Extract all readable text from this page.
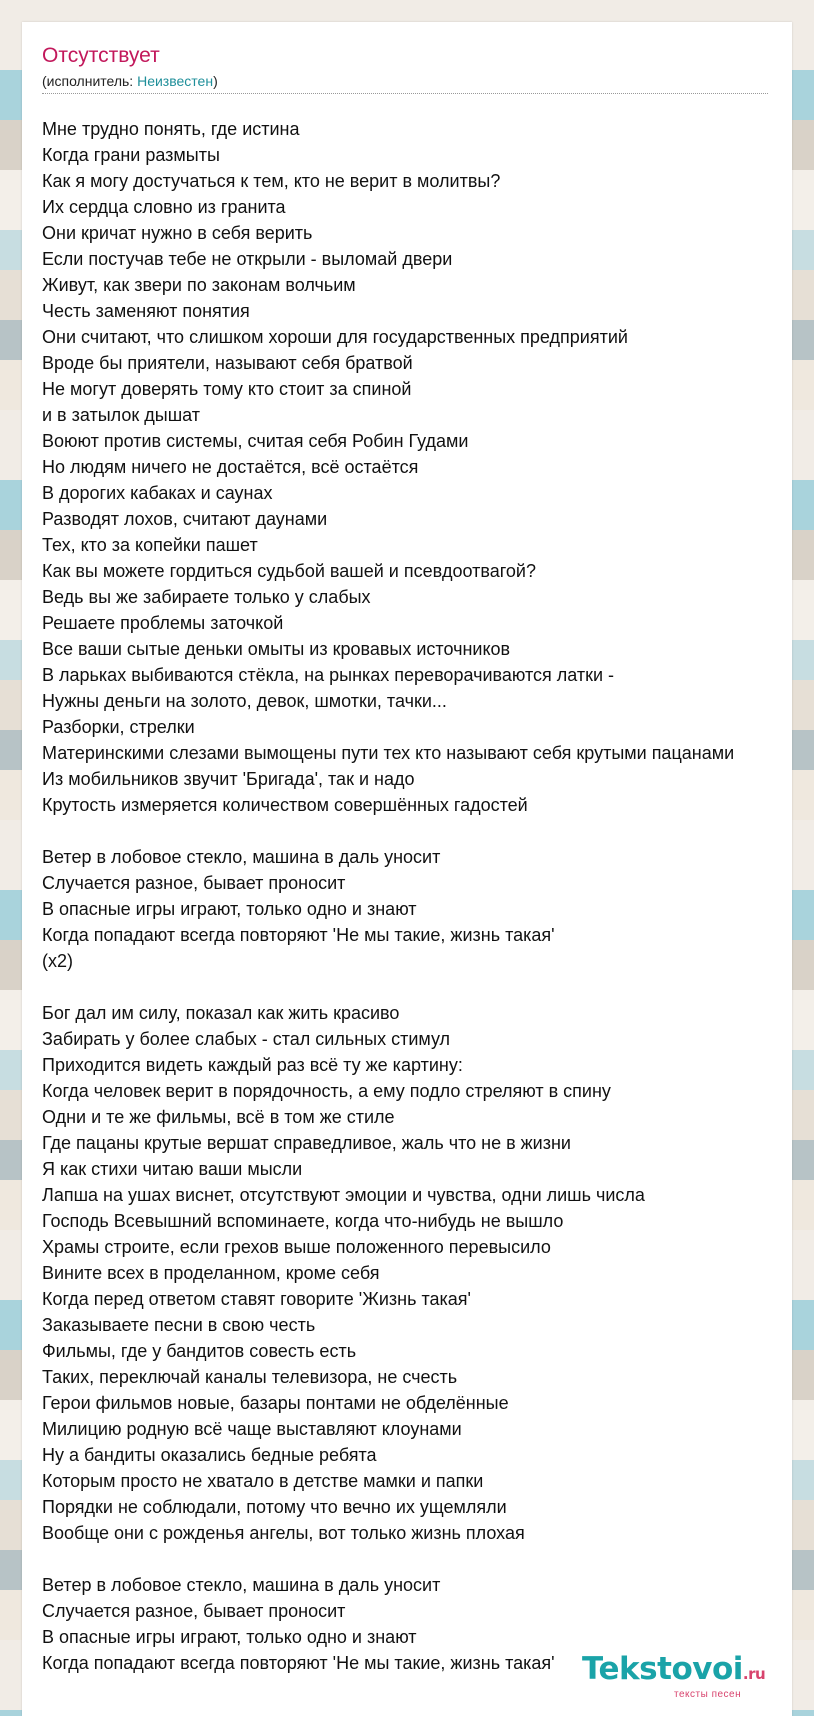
Отсутствует
(исполнитель: Неизвестен)
Мне трудно понять, где истина
Когда грани размыты
Как я могу достучаться к тем, кто не верит в молитвы?
Их сердца словно из гранита
Они кричат нужно в себя верить
Если постучав тебе не открыли - выломай двери
Живут, как звери по законам волчьим
Честь заменяют понятия
Они считают, что слишком хороши для государственных предприятий
Вроде бы приятели, называют себя братвой
Не могут доверять тому кто стоит за спиной
и в затылок дышат
Воюют против системы, считая себя Робин Гудами
Но людям ничего не достаётся, всё остаётся
В дорогих кабаках и саунах
Разводят лохов, считают даунами
Тех, кто за копейки пашет
Как вы можете гордиться судьбой вашей и псевдоотвагой?
Ведь вы же забираете только у слабых
Решаете проблемы заточкой
Все ваши сытые деньки омыты из кровавых источников
В ларьках выбиваются стёкла, на рынках переворачиваются латки -
Нужны деньги на золото, девок, шмотки, тачки...
Разборки, стрелки
Материнскими слезами вымощены пути тех кто называют себя крутыми пацанами
Из мобильников звучит 'Бригада', так и надо
Крутость измеряется количеством совершённых гадостей
Ветер в лобовое стекло, машина в даль уносит
Случается разное, бывает проносит
В опасные игры играют, только одно и знают
Когда попадают всегда повторяют 'Не мы такие, жизнь такая'
(x2)
Бог дал им силу, показал как жить красиво
Забирать у более слабых - стал сильных стимул
Приходится видеть каждый раз всё ту же картину:
Когда человек верит в порядочность, а ему подло стреляют в спину
Одни и те же фильмы, всё в том же стиле
Где пацаны крутые вершат справедливое, жаль что не в жизни
Я как стихи читаю ваши мысли
Лапша на ушах виснет, отсутствуют эмоции и чувства, одни лишь числа
Господь Всевышний вспоминаете, когда что-нибудь не вышло
Храмы строите, если грехов выше положенного перевысило
Вините всех в проделанном, кроме себя
Когда перед ответом ставят говорите 'Жизнь такая'
Заказываете песни в свою честь
Фильмы, где у бандитов совесть есть
Таких, переключай каналы телевизора, не счесть
Герои фильмов новые, базары понтами не обделённые
Милицию родную всё чаще выставляют клоунами
Ну а бандиты оказались бедные ребята
Которым просто не хватало в детстве мамки и папки
Порядки не соблюдали, потому что вечно их ущемляли
Вообще они с рожденья ангелы, вот только жизнь плохая
Ветер в лобовое стекло, машина в даль уносит
Случается разное, бывает проносит
В опасные игры играют, только одно и знают
Когда попадают всегда повторяют 'Не мы такие, жизнь такая' Tekstovoi.ru
тексты песен
